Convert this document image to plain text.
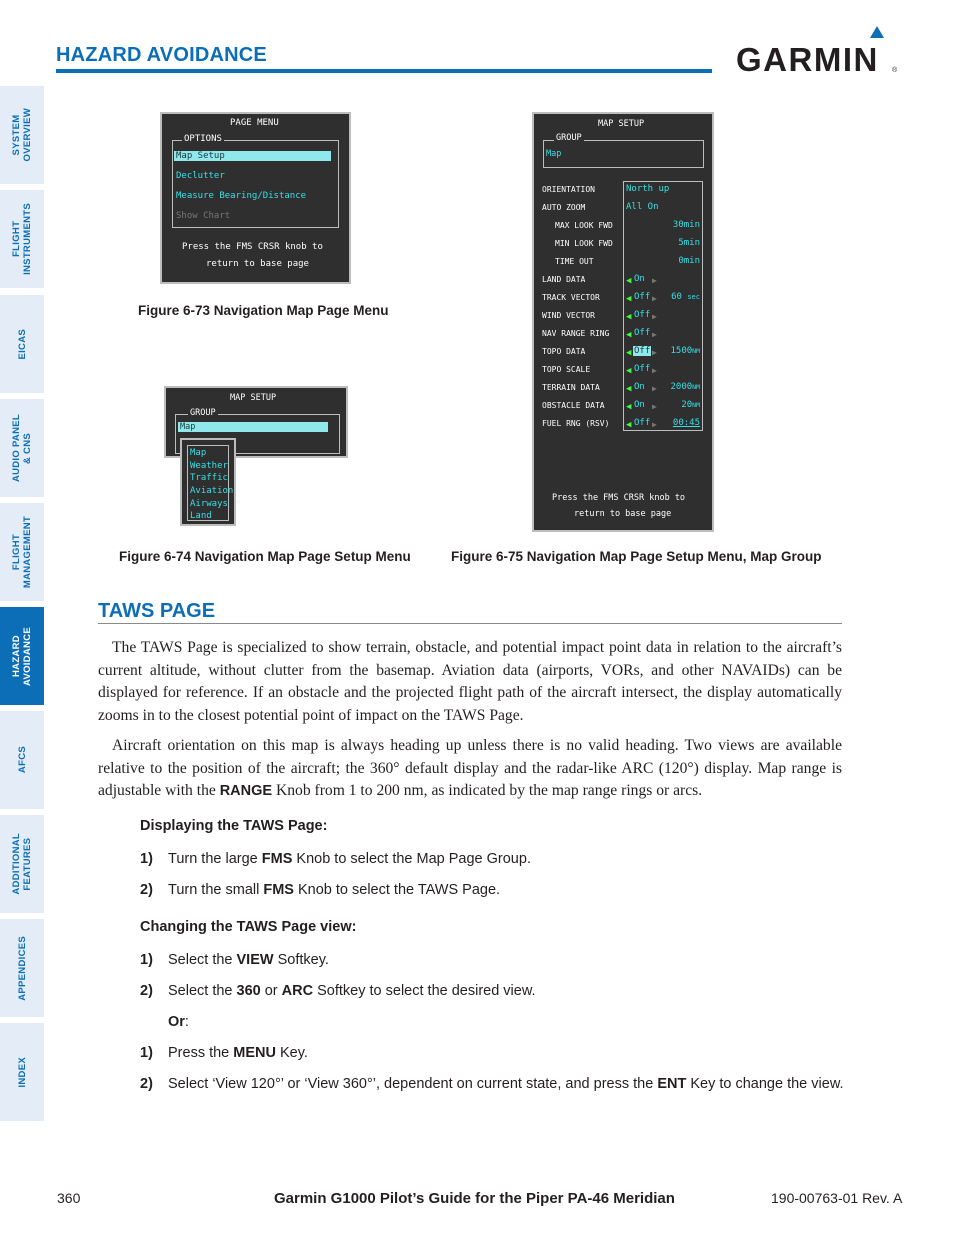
HAZARD AVOIDANCE	GARMIN ®
SYSTEM
OVERVIEW
FLIGHT
INSTRUMENTS
EICAS
AUDIO PANEL
& CNS
FLIGHT
MANAGEMENT
HAZARD
AVOIDANCE
AFCS
ADDITIONAL
FEATURES
APPENDICES
INDEX
PAGE MENU
OPTIONS
Map Setup
Declutter
Measure Bearing/Distance
Show Chart
Press the FMS CRSR knob to
return to base page
Figure 6-73 Navigation Map Page Menu
MAP SETUP
GROUP
Map
Map
Weather
Traffic
Aviation
Airways
Land
Figure 6-74 Navigation Map Page Setup Menu
MAP SETUP
GROUP
Map
ORIENTATION	North up
AUTO ZOOM	All On
MAX LOOK FWD	30min
MIN LOOK FWD	5min
TIME OUT	0min
LAND DATA	◀ On ▶
TRACK VECTOR	◀ Off ▶ 60 sec
WIND VECTOR	◀ Off ▶
NAV RANGE RING ◀ Off ▶
TOPO DATA	◀ Off ▶ 1500NM
TOPO SCALE	◀ Off ▶
TERRAIN DATA	◀ On ▶ 2000NM
OBSTACLE DATA ◀ On ▶	20NM
FUEL RNG (RSV) ◀ Off ▶ 00:45
Press the FMS CRSR knob to
return to base page
Figure 6-75 Navigation Map Page Setup Menu, Map Group
TAWS PAGE
The TAWS Page is specialized to show terrain, obstacle, and potential impact point data in relation to the aircraft’s current altitude, without clutter from the basemap. Aviation data (airports, VORs, and other NAVAIDs) can be displayed for reference. If an obstacle and the projected flight path of the aircraft intersect, the display automatically zooms in to the closest potential point of impact on the TAWS Page.
Aircraft orientation on this map is always heading up unless there is no valid heading. Two views are available relative to the position of the aircraft; the 360° default display and the radar-like ARC (120°) display. Map range is adjustable with the RANGE Knob from 1 to 200 nm, as indicated by the map range rings or arcs.
Displaying the TAWS Page:
1) Turn the large FMS Knob to select the Map Page Group.
2) Turn the small FMS Knob to select the TAWS Page.
Changing the TAWS Page view:
1) Select the VIEW Softkey.
2) Select the 360 or ARC Softkey to select the desired view.
Or:
1) Press the MENU Key.
2) Select ‘View 120°’ or ‘View 360°’, dependent on current state, and press the ENT Key to change the view.
360	Garmin G1000 Pilot’s Guide for the Piper PA-46 Meridian	190-00763-01 Rev. A
